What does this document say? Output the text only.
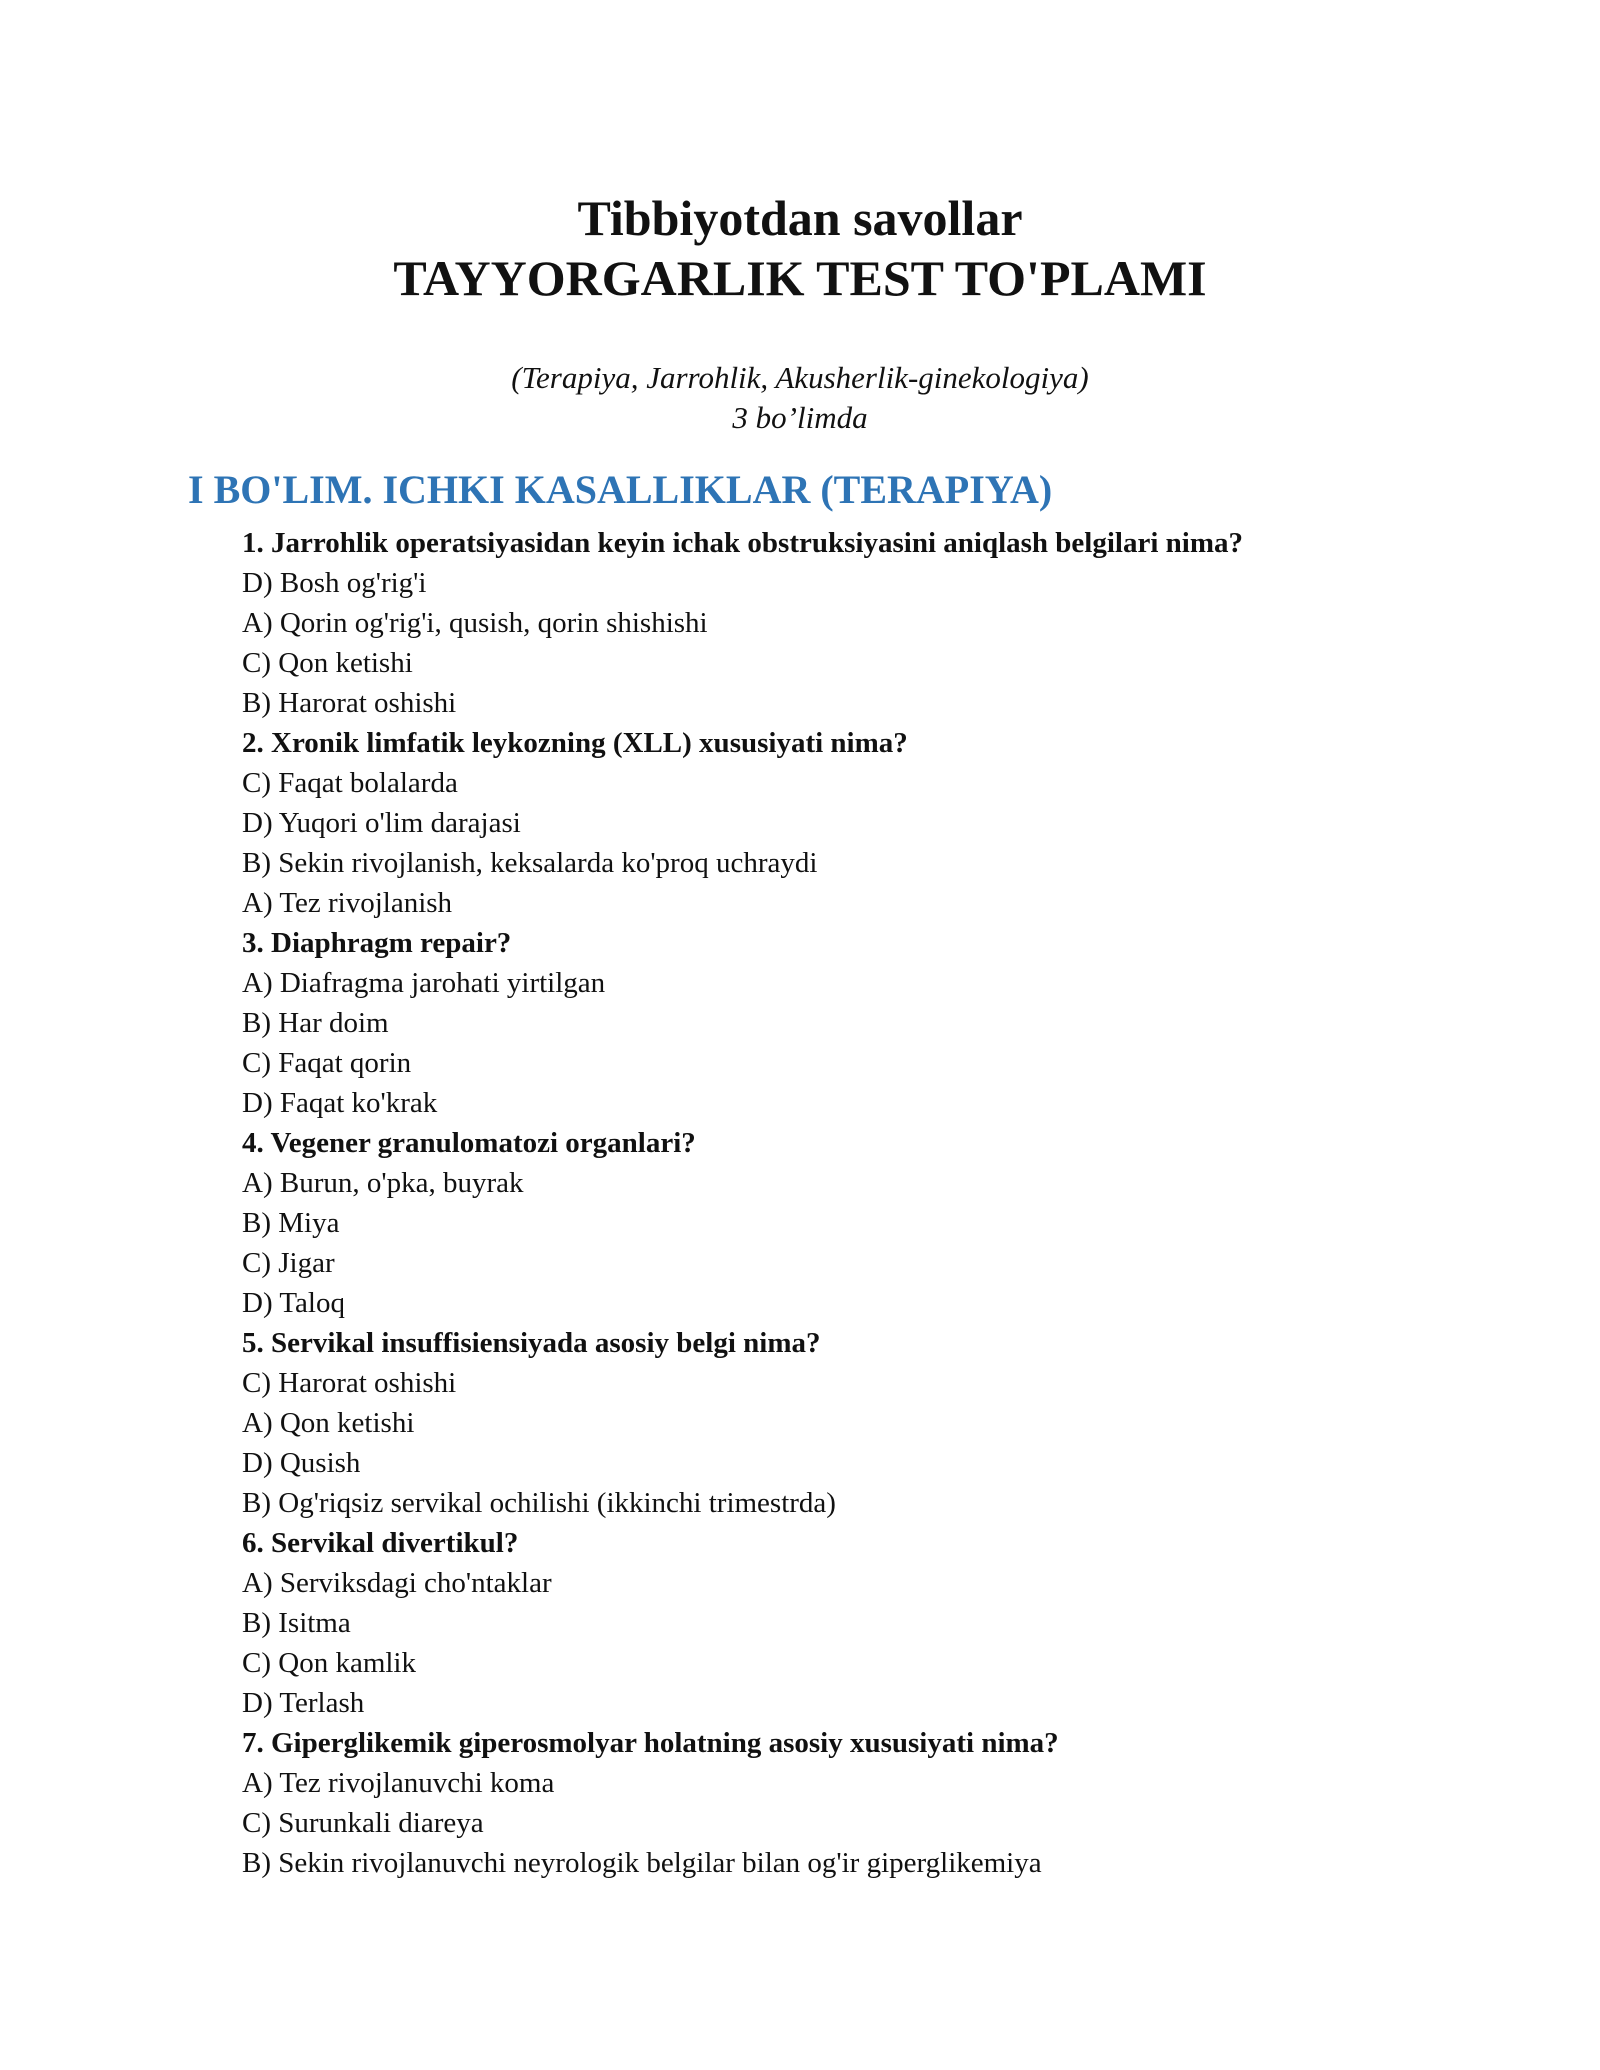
Tibbiyotdan savollar

TAYYORGARLIK TEST TO'PLAMI

(Terapiya, Jarrohlik, Akusherlik-ginekologiya)

3 bo’limda

I BO'LIM. ICHKI KASALLIKLAR (TERAPIYA)
1. Jarrohlik operatsiyasidan keyin ichak obstruksiyasini aniqlash belgilari nima?
D) Bosh og'rig'i
A) Qorin og'rig'i, qusish, qorin shishishi
C) Qon ketishi
B) Harorat oshishi
2. Xronik limfatik leykozning (XLL) xususiyati nima?
C) Faqat bolalarda
D) Yuqori o'lim darajasi
B) Sekin rivojlanish, keksalarda ko'proq uchraydi
A) Tez rivojlanish
3. Diaphragm repair?
A) Diafragma jarohati yirtilgan
B) Har doim
C) Faqat qorin
D) Faqat ko'krak
4. Vegener granulomatozi organlari?
A) Burun, o'pka, buyrak
B) Miya
C) Jigar
D) Taloq
5. Servikal insuffisiensiyada asosiy belgi nima?
C) Harorat oshishi
A) Qon ketishi
D) Qusish
B) Og'riqsiz servikal ochilishi (ikkinchi trimestrda)
6. Servikal divertikul?
A) Serviksdagi cho'ntaklar
B) Isitma
C) Qon kamlik
D) Terlash
7. Giperglikemik giperosmolyar holatning asosiy xususiyati nima?
A) Tez rivojlanuvchi koma
C) Surunkali diareya
B) Sekin rivojlanuvchi neyrologik belgilar bilan og'ir giperglikemiya
